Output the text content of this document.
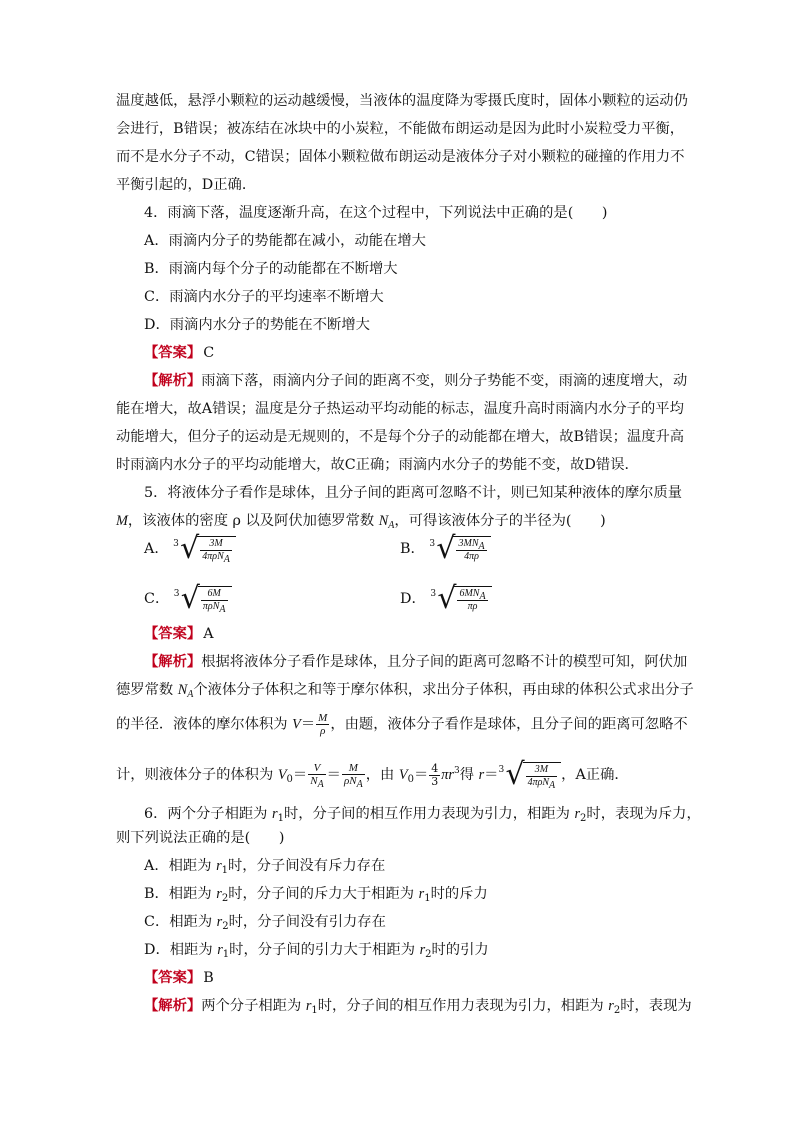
温度越低，悬浮小颗粒的运动越缓慢，当液体的温度降为零摄氏度时，固体小颗粒的运动仍
会进行，B错误；被冻结在冰块中的小炭粒，不能做布朗运动是因为此时小炭粒受力平衡，
而不是水分子不动，C错误；固体小颗粒做布朗运动是液体分子对小颗粒的碰撞的作用力不
平衡引起的，D正确．
4．雨滴下落，温度逐渐升高，在这个过程中，下列说法中正确的是(　　)
A．雨滴内分子的势能都在减小，动能在增大
B．雨滴内每个分子的动能都在不断增大
C．雨滴内水分子的平均速率不断增大
D．雨滴内水分子的势能在不断增大
【答案】 C
【解析】雨滴下落，雨滴内分子间的距离不变，则分子势能不变，雨滴的速度增大，动
能在增大，故A错误；温度是分子热运动平均动能的标志，温度升高时雨滴内水分子的平均
动能增大，但分子的运动是无规则的，不是每个分子的动能都在增大，故B错误；温度升高
时雨滴内水分子的平均动能增大，故C正确；雨滴内水分子的势能不变，故D错误．
5．将液体分子看作是球体，且分子间的距离可忽略不计，则已知某种液体的摩尔质量
M，该液体的密度 ρ 以及阿伏加德罗常数 $N_A$，可得该液体分子的半径为(　　)
A． 3 √ $\frac{3M}{\text{4πρNA}}$	B． 3 √ $\frac{\text{3MNA}}{4\pi\rho}$
C． 3 √ $\frac{6M}{\text{πρNA}}$	D． 3 √ $\frac{\text{6MNA}}{\pi\rho}$
【答案】 A
【解析】根据将液体分子看作是球体，且分子间的距离可忽略不计的模型可知，阿伏加
德罗常数 $N_A$个液体分子体积之和等于摩尔体积，求出分子体积，再由球的体积公式求出分子
的半径．液体的摩尔体积为 $V= \frac{M}{\rho}$ ，由题，液体分子看作是球体，且分子间的距离可忽略不
计，则液体分子的体积为 $V_0= \frac{V}{NA} = \frac{M}{\text{ρNA}}$ ，由 $V_0= \frac{4}{3} \pi r^3$得 r＝ 3 √ $\frac{3M}{\text{4πρNA}}$ ，A正确．
6．两个分子相距为 $r_1$时，分子间的相互作用力表现为引力，相距为 $r_2$时，表现为斥力，
则下列说法正确的是(　　)
A．相距为 $r_1$时，分子间没有斥力存在
B．相距为 $r_2$时，分子间的斥力大于相距为 $r_1$时的斥力
C．相距为 $r_2$时，分子间没有引力存在
D．相距为 $r_1$时，分子间的引力大于相距为 $r_2$时的引力
【答案】 B
【解析】两个分子相距为 $r_1$时，分子间的相互作用力表现为引力，相距为 $r_2$时，表现为
